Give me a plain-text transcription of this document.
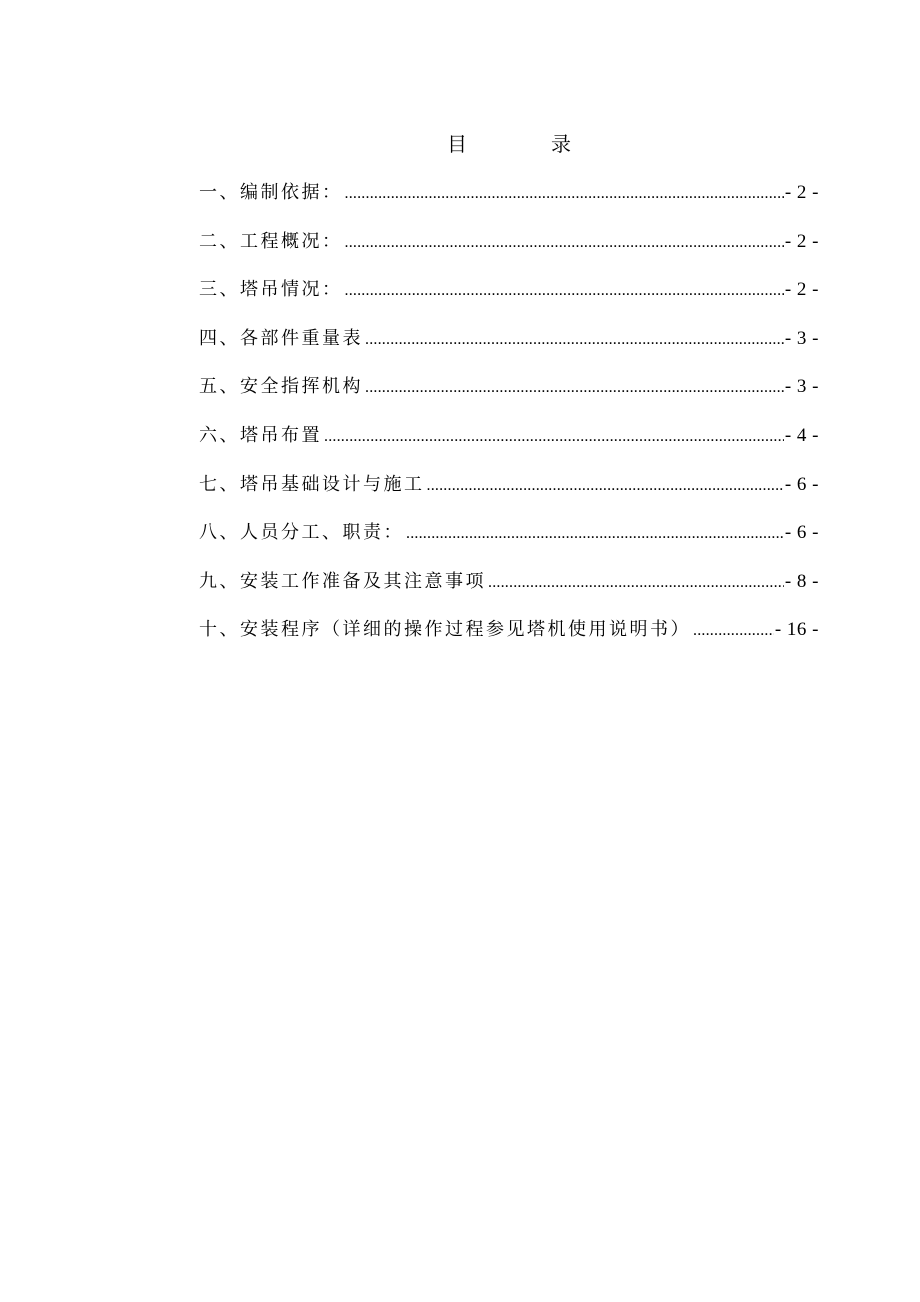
目	录
一、编制依据： .....	- 2 -
二、工程概况： .....	- 2 -
三、塔吊情况： .....	- 2 -
四、各部件重量表 .....	- 3 -
五、安全指挥机构 .....	- 3 -
六、塔吊布置 .....	- 4 -
七、塔吊基础设计与施工 .....	- 6 -
八、人员分工、职责： .....	- 6 -
九、安装工作准备及其注意事项 .....	- 8 -
十、安装程序（详细的操作过程参见塔机使用说明书） .....	- 16 -
